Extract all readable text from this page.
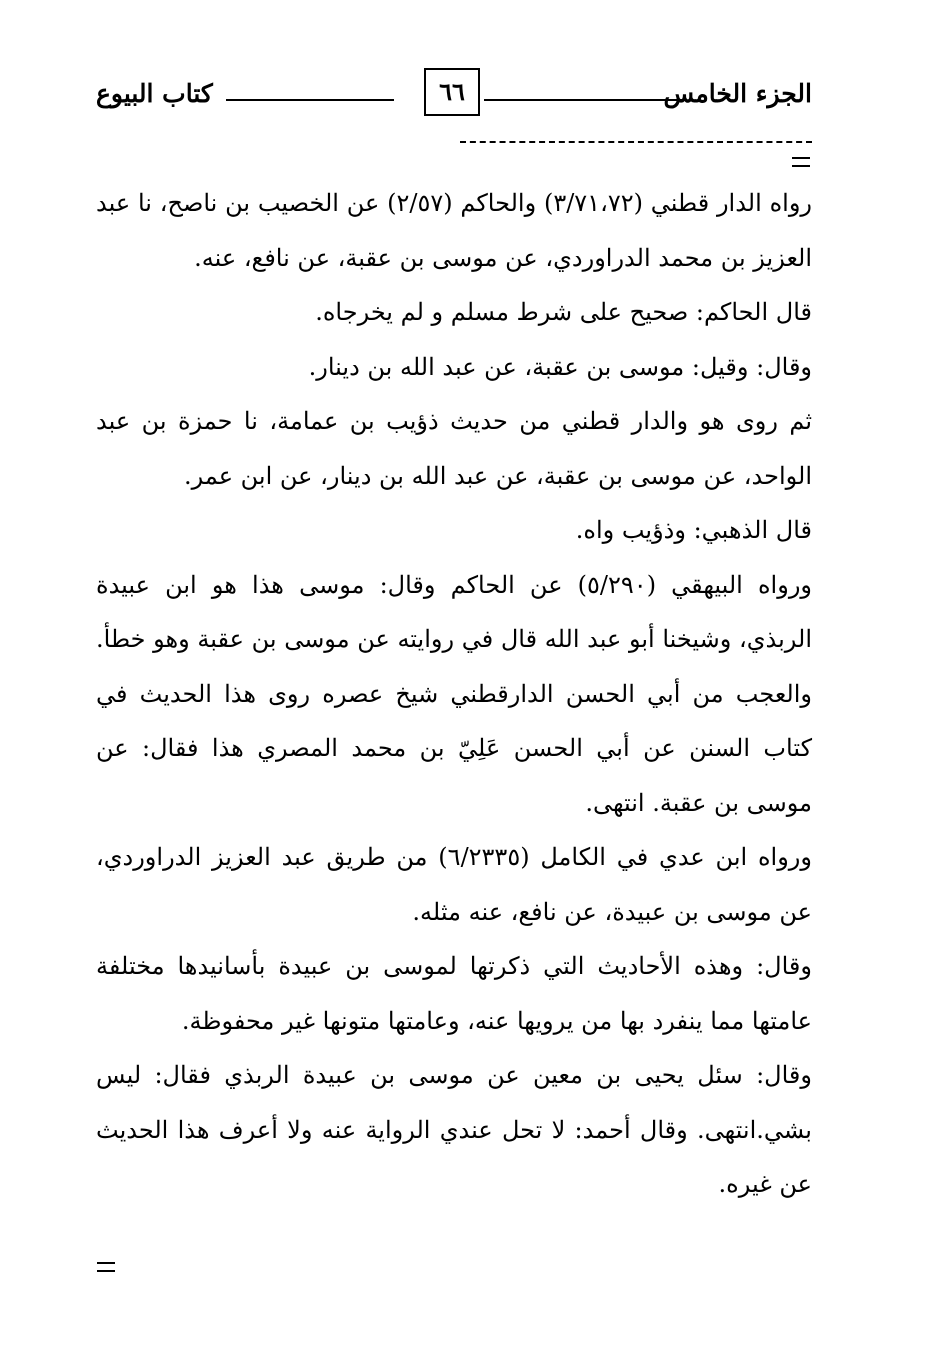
الجزء الخامس
٦٦
كتاب البيوع

رواه الدار قطني (٣/٧١،٧٢) والحاكم (٢/٥٧) عن الخصيب بن ناصح، نا عبد العزيز بن محمد الدراوردي، عن موسى بن عقبة، عن نافع، عنه.

قال الحاكم: صحيح على شرط مسلم و لم يخرجاه.

وقال: وقيل: موسى بن عقبة، عن عبد الله بن دينار.

ثم روى هو والدار قطني من حديث ذؤيب بن عمامة، نا حمزة بن عبد الواحد، عن موسى بن عقبة، عن عبد الله بن دينار، عن ابن عمر.

قال الذهبي: وذؤيب واه.

ورواه البيهقي (٥/٢٩٠) عن الحاكم وقال: موسى هذا هو ابن عبيدة الربذي، وشيخنا أبو عبد الله قال في روايته عن موسى بن عقبة وهو خطأ. والعجب من أبي الحسن الدارقطني شيخ عصره روى هذا الحديث في كتاب السنن عن أبي الحسن عَلِيّ بن محمد المصري هذا فقال: عن موسى بن عقبة. انتهى.

ورواه ابن عدي في الكامل (٦/٢٣٣٥) من طريق عبد العزيز الدراوردي، عن موسى بن عبيدة، عن نافع، عنه مثله.

وقال: وهذه الأحاديث التي ذكرتها لموسى بن عبيدة بأسانيدها مختلفة عامتها مما ينفرد بها من يرويها عنه، وعامتها متونها غير محفوظة.

وقال: سئل يحيى بن معين عن موسى بن عبيدة الربذي فقال: ليس بشي.انتهى. وقال أحمد: لا تحل عندي الرواية عنه ولا أعرف هذا الحديث عن غيره.
